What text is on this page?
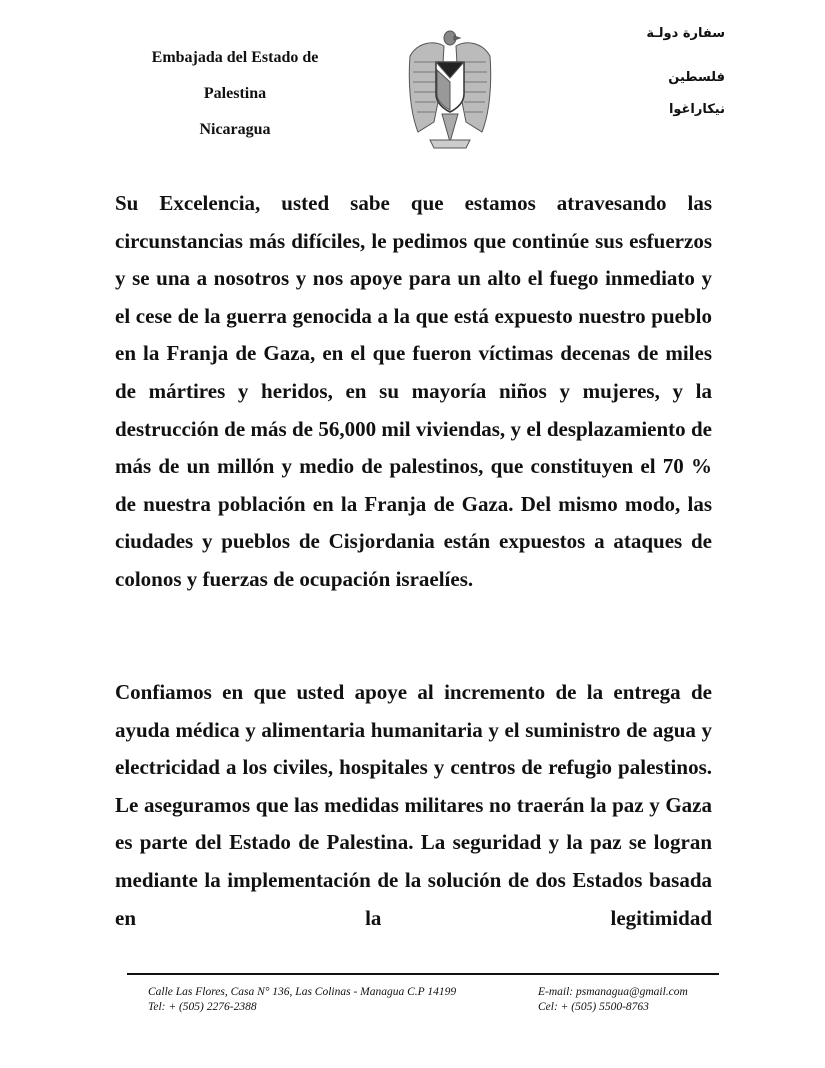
Embajada del Estado de
Palestina
Nicaragua
سفارة دولـة
فلسطين
نيكاراغوا
Su Excelencia, usted sabe que estamos atravesando las circunstancias más difíciles, le pedimos que continúe sus esfuerzos y se una a nosotros y nos apoye para un alto el fuego inmediato y el cese de la guerra genocida a la que está expuesto nuestro pueblo en la Franja de Gaza, en el que fueron víctimas decenas de miles de mártires y heridos, en su mayoría niños y mujeres, y la destrucción de más de 56,000 mil viviendas, y el desplazamiento de más de un millón y medio de palestinos, que constituyen el 70 % de nuestra población en la Franja de Gaza. Del mismo modo, las ciudades y pueblos de Cisjordania están expuestos a ataques de colonos y fuerzas de ocupación israelíes.
Confiamos en que usted apoye al incremento de la entrega de ayuda médica y alimentaria humanitaria y el suministro de agua y electricidad a los civiles, hospitales y centros de refugio palestinos. Le aseguramos que las medidas militares no traerán la paz y Gaza es parte del Estado de Palestina. La seguridad y la paz se logran mediante la implementación de la solución de dos Estados basada en la legitimidad
Calle Las Flores, Casa N° 136, Las Colinas - Managua C.P 14199	E-mail: psmanagua@gmail.com
Tel: + (505) 2276-2388	Cel: + (505) 5500-8763
